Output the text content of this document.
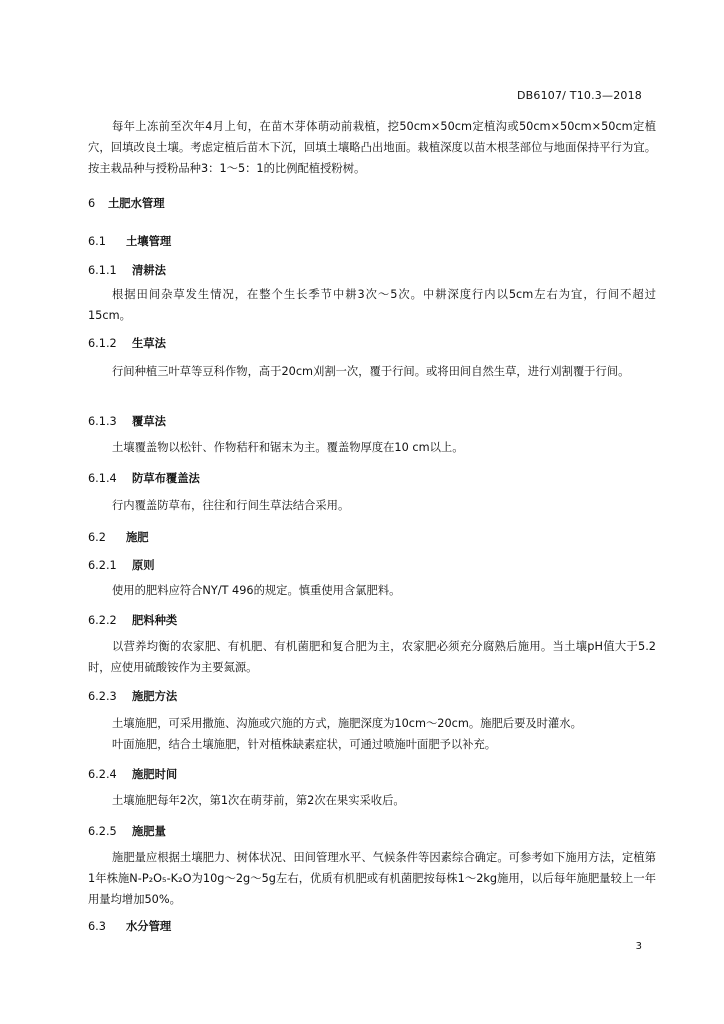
DB6107/ T10.3—2018

每年上冻前至次年4月上旬，在苗木芽体萌动前栽植，挖50cm×50cm定植沟或50cm×50cm×50cm定植穴，回填改良土壤。考虑定植后苗木下沉，回填土壤略凸出地面。栽植深度以苗木根茎部位与地面保持平行为宜。按主栽品种与授粉品种3：1～5：1的比例配植授粉树。

6 土肥水管理
6.1 土壤管理
6.1.1 清耕法

根据田间杂草发生情况，在整个生长季节中耕3次～5次。中耕深度行内以5cm左右为宜，行间不超过15cm。

6.1.2 生草法

行间种植三叶草等豆科作物，高于20cm刈割一次，覆于行间。或将田间自然生草，进行刈割覆于行间。

6.1.3 覆草法

土壤覆盖物以松针、作物秸秆和锯末为主。覆盖物厚度在10 cm以上。

6.1.4 防草布覆盖法

行内覆盖防草布，往往和行间生草法结合采用。

6.2 施肥
6.2.1 原则

使用的肥料应符合NY/T 496的规定。慎重使用含氯肥料。

6.2.2 肥料种类

以营养均衡的农家肥、有机肥、有机菌肥和复合肥为主，农家肥必须充分腐熟后施用。当土壤pH值大于5.2时，应使用硫酸铵作为主要氮源。

6.2.3 施肥方法

土壤施肥，可采用撒施、沟施或穴施的方式，施肥深度为10cm～20cm。施肥后要及时灌水。

叶面施肥，结合土壤施肥，针对植株缺素症状，可通过喷施叶面肥予以补充。

6.2.4 施肥时间

土壤施肥每年2次，第1次在萌芽前，第2次在果实采收后。

6.2.5 施肥量

施肥量应根据土壤肥力、树体状况、田间管理水平、气候条件等因素综合确定。可参考如下施用方法，定植第1年株施N-P₂O₅-K₂O为10g～2g～5g左右，优质有机肥或有机菌肥按每株1～2kg施用，以后每年施肥量较上一年用量均增加50%。

6.3 水分管理
3
